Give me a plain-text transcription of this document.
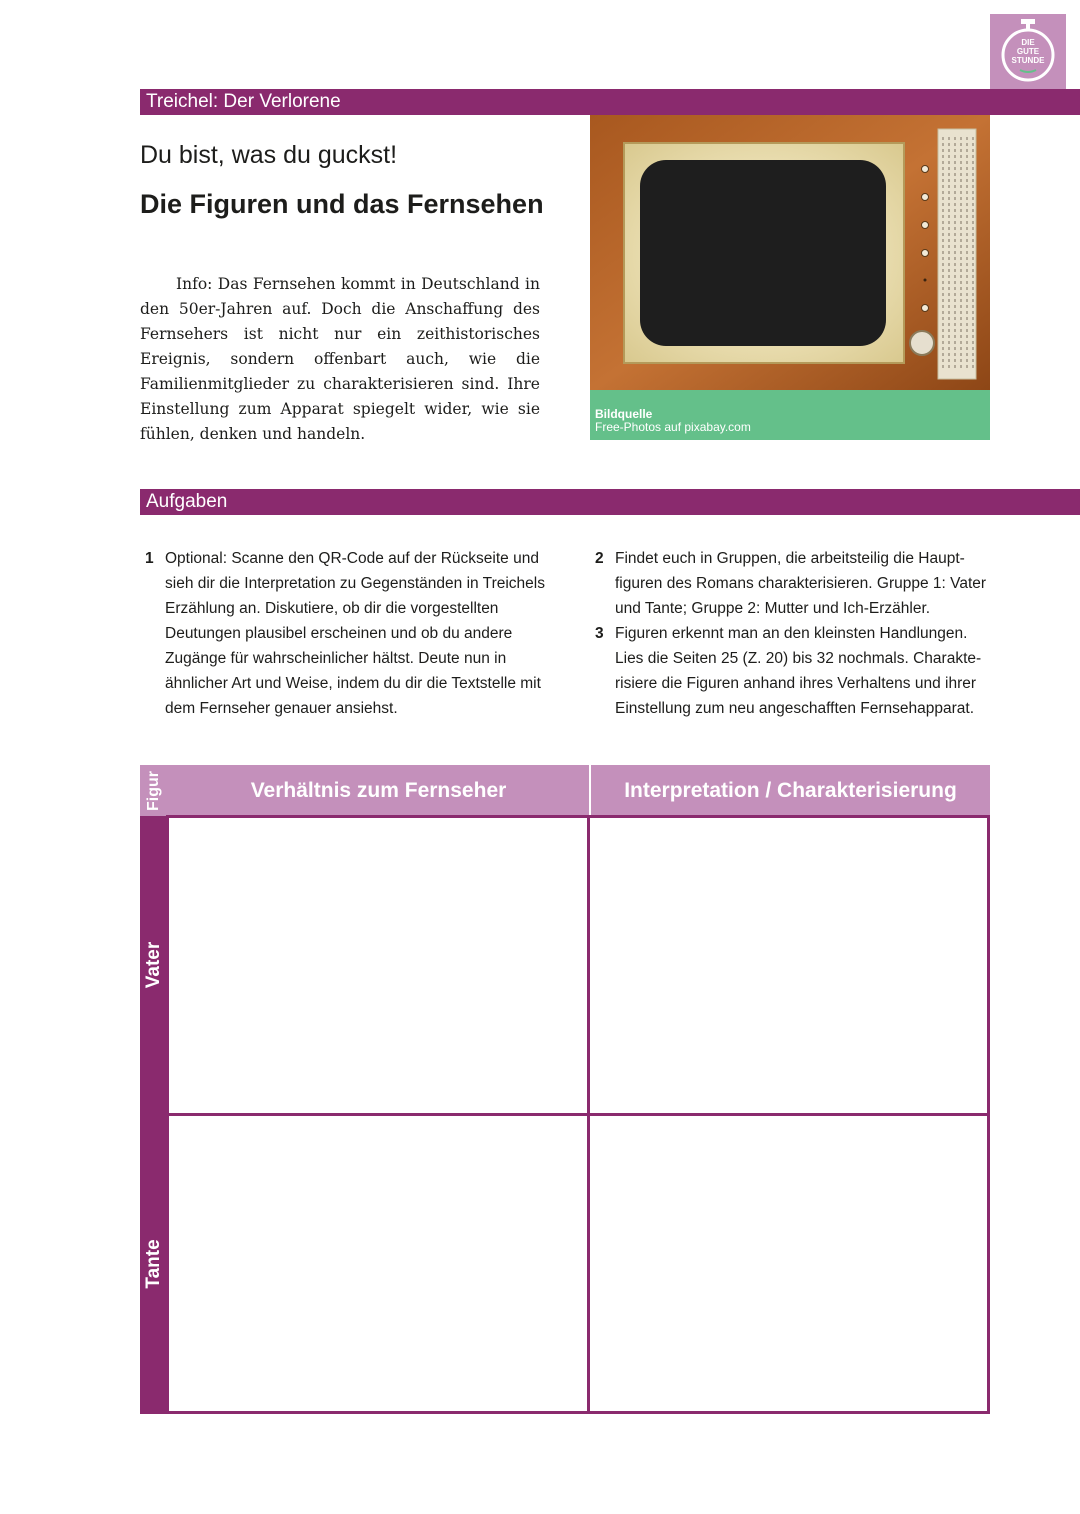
DIE
GUTE
STUNDE
Treichel: Der Verlorene
Du bist, was du guckst!
Die Figuren und das Fernsehen

Info: Das Fernsehen kommt in Deutschland in den 50er-Jahren auf. Doch die Anschaffung des Fernsehers ist nicht nur ein zeithistorisches Ereignis, sondern offenbart auch, wie die Familienmitglieder zu charakterisieren sind. Ihre Einstellung zum Apparat spiegelt wider, wie sie fühlen, denken und handeln.

Bildquelle
Free-Photos auf pixabay.com
Aufgaben
1 Optional: Scanne den QR-Code auf der Rückseite und sieh dir die Interpretation zu Gegenständen in Treichels Erzählung an. Diskutiere, ob dir die vorgestellten Deutungen plausibel erscheinen und ob du andere Zugänge für wahrscheinlicher hältst. Deute nun in ähnlicher Art und Weise, indem du dir die Textstelle mit dem Fernseher genauer ansiehst.
2 Findet euch in Gruppen, die arbeitsteilig die Hauptfiguren des Romans charakterisieren. Gruppe 1: Vater und Tante; Gruppe 2: Mutter und Ich-Erzähler.
3 Figuren erkennt man an den kleinsten Handlungen. Lies die Seiten 25 (Z. 20) bis 32 nochmals. Charakterisiere die Figuren anhand ihres Verhaltens und ihrer Einstellung zum neu angeschafften Fernsehapparat.
Figur	Verhältnis zum Fernseher	Interpretation / Charakterisierung
Vater
Tante
